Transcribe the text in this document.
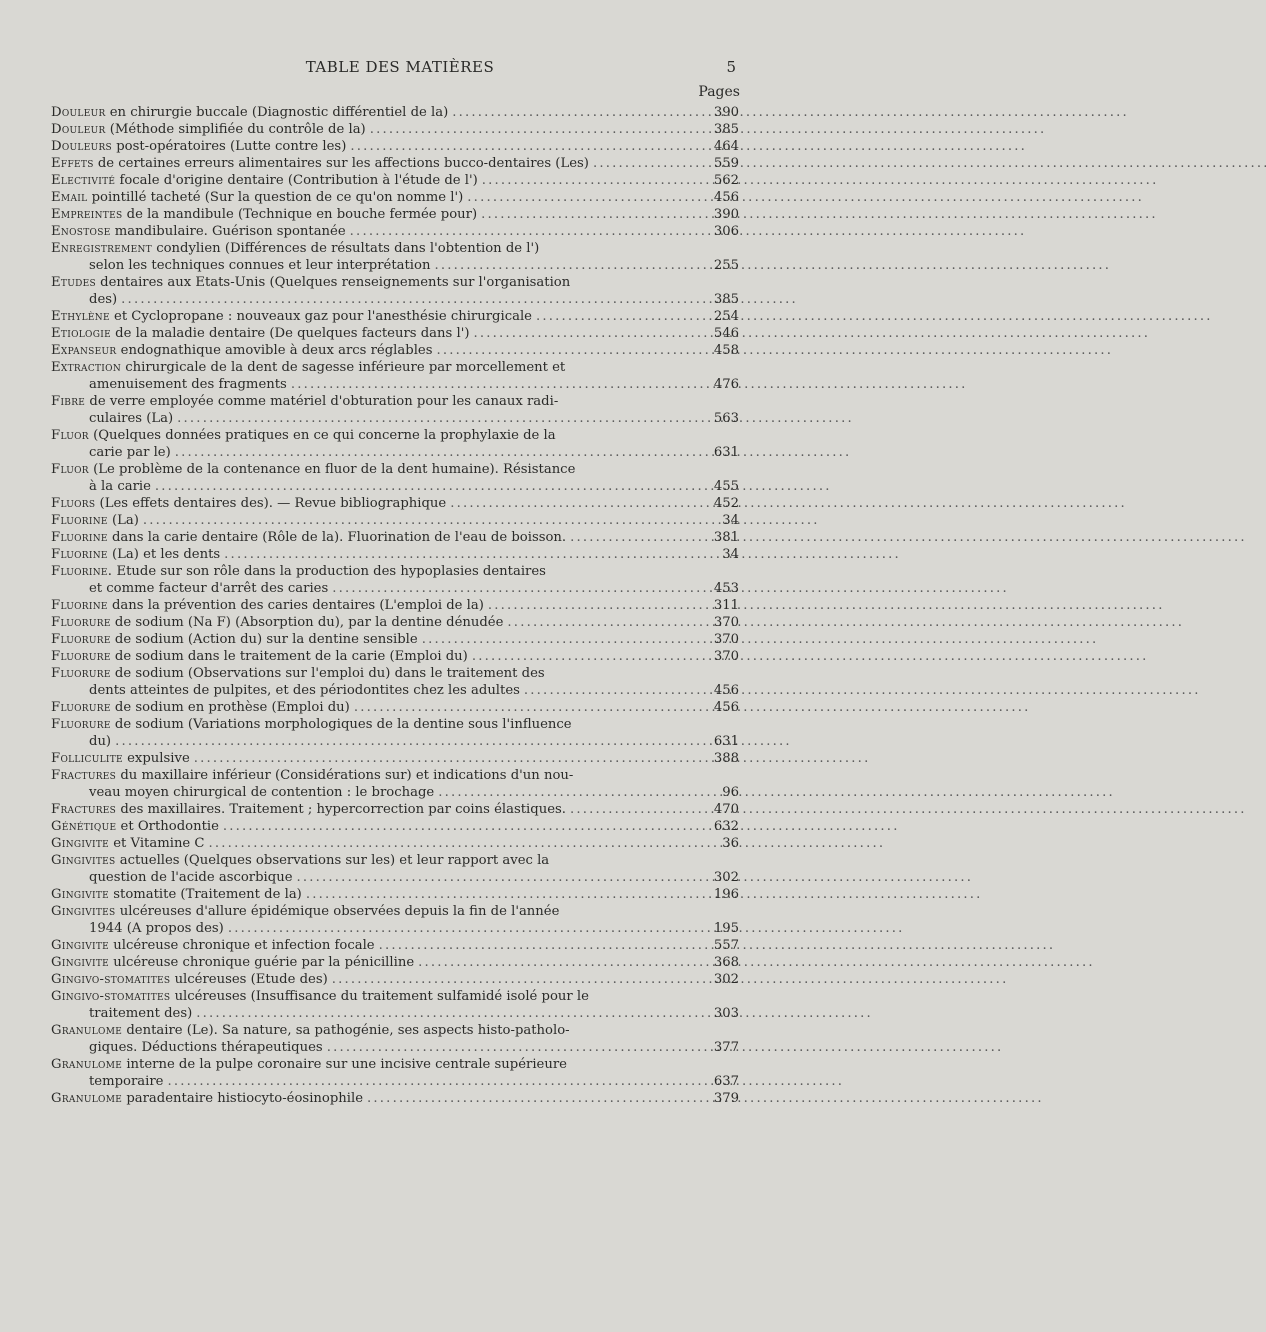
TABLE DES MATIÈRES	5
Pages
Douleur en chirurgie buccale (Diagnostic différentiel de la) . . .	390
Douleur (Méthode simplifiée du contrôle de la) . . .	385
Douleurs post-opératoires (Lutte contre les) . . .	464
Effets de certaines erreurs alimentaires sur les affections bucco-dentaires (Les) . . .	559
Electivité focale d'origine dentaire (Contribution à l'étude de l') . . .	562
Email pointillé tacheté (Sur la question de ce qu'on nomme l') . . .	456
Empreintes de la mandibule (Technique en bouche fermée pour) . . .	390
Enostose mandibulaire. Guérison spontanée . . .	306
Enregistrement condylien (Différences de résultats dans l'obtention de l')
selon les techniques connues et leur interprétation . . .	255
Etudes dentaires aux Etats-Unis (Quelques renseignements sur l'organisation
des) . . .	385
Ethylène et Cyclopropane : nouveaux gaz pour l'anesthésie chirurgicale . . .	254
Etiologie de la maladie dentaire (De quelques facteurs dans l') . . .	546
Expanseur endognathique amovible à deux arcs réglables . . .	458
Extraction chirurgicale de la dent de sagesse inférieure par morcellement et
amenuisement des fragments . . .	476
Fibre de verre employée comme matériel d'obturation pour les canaux radi-
culaires (La) . . .	563
Fluor (Quelques données pratiques en ce qui concerne la prophylaxie de la
carie par le) . . .	631
Fluor (Le problème de la contenance en fluor de la dent humaine). Résistance
à la carie . . .	455
Fluors (Les effets dentaires des). — Revue bibliographique . . .	452
Fluorine (La) . . .	34
Fluorine dans la carie dentaire (Rôle de la). Fluorination de l'eau de boisson. . . .	381
Fluorine (La) et les dents . . .	34
Fluorine. Etude sur son rôle dans la production des hypoplasies dentaires
et comme facteur d'arrêt des caries . . .	453
Fluorine dans la prévention des caries dentaires (L'emploi de la) . . .	311
Fluorure de sodium (Na F) (Absorption du), par la dentine dénudée . . .	370
Fluorure de sodium (Action du) sur la dentine sensible . . .	370
Fluorure de sodium dans le traitement de la carie (Emploi du) . . .	370
Fluorure de sodium (Observations sur l'emploi du) dans le traitement des
dents atteintes de pulpites, et des périodontites chez les adultes . . .	456
Fluorure de sodium en prothèse (Emploi du) . . .	456
Fluorure de sodium (Variations morphologiques de la dentine sous l'influence
du) . . .	631
Folliculite expulsive . . .	388
Fractures du maxillaire inférieur (Considérations sur) et indications d'un nou-
veau moyen chirurgical de contention : le brochage . . .	96
Fractures des maxillaires. Traitement ; hypercorrection par coins élastiques. . . .	470
Génétique et Orthodontie . . .	632
Gingivite et Vitamine C . . .	36
Gingivites actuelles (Quelques observations sur les) et leur rapport avec la
question de l'acide ascorbique . . .	302
Gingivite stomatite (Traitement de la) . . .	196
Gingivites ulcéreuses d'allure épidémique observées depuis la fin de l'année
1944 (A propos des) . . .	195
Gingivite ulcéreuse chronique et infection focale . . .	557
Gingivite ulcéreuse chronique guérie par la pénicilline . . .	368
Gingivo-stomatites ulcéreuses (Etude des) . . .	302
Gingivo-stomatites ulcéreuses (Insuffisance du traitement sulfamidé isolé pour le
traitement des) . . .	303
Granulome dentaire (Le). Sa nature, sa pathogénie, ses aspects histo-patholo-
giques. Déductions thérapeutiques . . .	377
Granulome interne de la pulpe coronaire sur une incisive centrale supérieure
temporaire . . .	637
Granulome paradentaire histiocyto-éosinophile . . .	379
